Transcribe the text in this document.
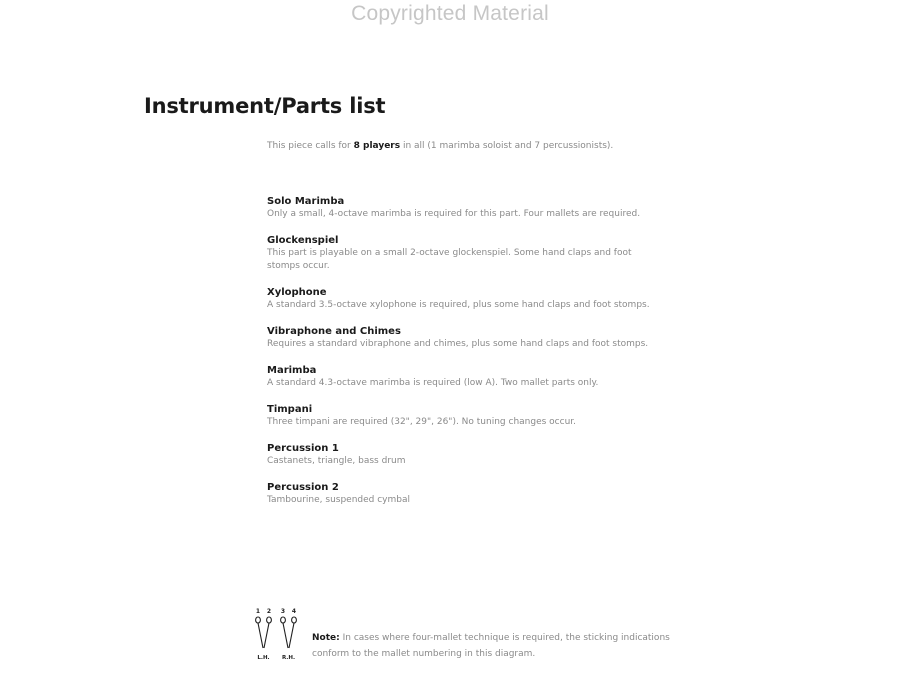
Copyrighted Material
Instrument/Parts list

This piece calls for 8 players in all (1 marimba soloist and 7 percussionists).

Solo Marimba
Only a small, 4-octave marimba is required for this part. Four mallets are required.
Glockenspiel
This part is playable on a small 2-octave glockenspiel. Some hand claps and foot stomps occur.
Xylophone
A standard 3.5-octave xylophone is required, plus some hand claps and foot stomps.
Vibraphone and Chimes
Requires a standard vibraphone and chimes, plus some hand claps and foot stomps.
Marimba
A standard 4.3-octave marimba is required (low A). Two mallet parts only.
Timpani
Three timpani are required (32", 29", 26"). No tuning changes occur.
Percussion 1
Castanets, triangle, bass drum
Percussion 2
Tambourine, suspended cymbal
1 2 3 4
L.H. R.H.
Note: In cases where four-mallet technique is required, the sticking indications conform to the mallet numbering in this diagram.
